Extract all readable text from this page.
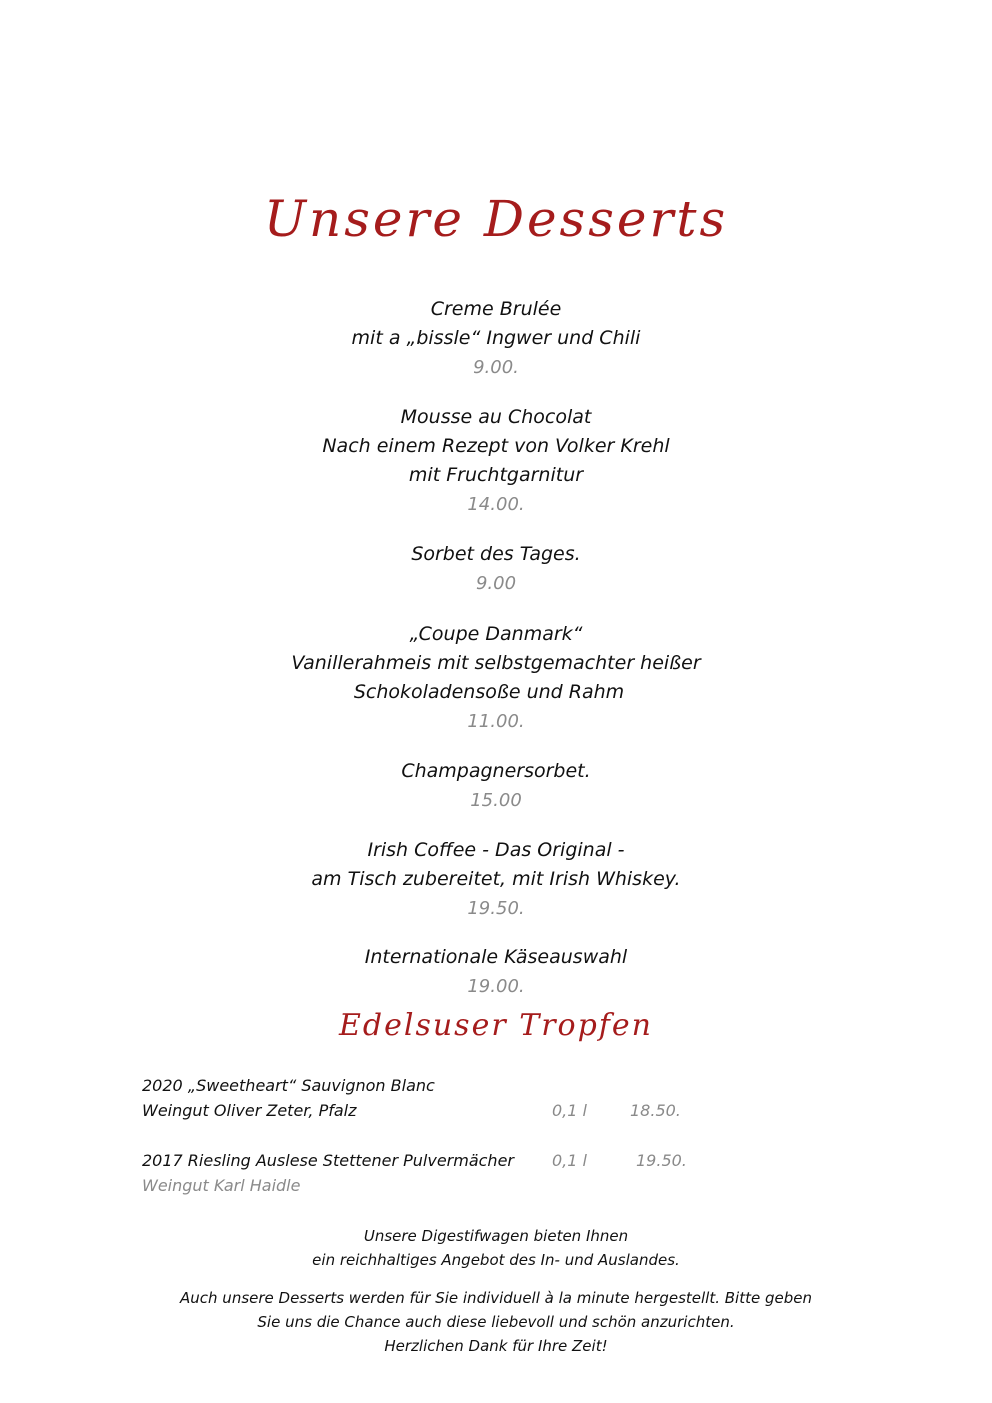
Unsere Desserts
Creme Brulée
mit a „bissle“ Ingwer und Chili
9.00.
Mousse au Chocolat
Nach einem Rezept von Volker Krehl
mit Fruchtgarnitur
14.00.
Sorbet des Tages.
9.00
„Coupe Danmark“
Vanillerahmeis mit selbstgemachter heißer
Schokoladensoße und Rahm
11.00.
Champagnersorbet.
15.00
Irish Coffee - Das Original -
am Tisch zubereitet, mit Irish Whiskey.
19.50.
Internationale Käseauswahl
19.00.
Edelsuser Tropfen
2020 „Sweetheart“ Sauvignon Blanc
Weingut Oliver Zeter, Pfalz	0,1 l	18.50.
2017 Riesling Auslese Stettener Pulvermächer 0,1 l	19.50.
Weingut Karl Haidle
Unsere Digestifwagen bieten Ihnen
ein reichhaltiges Angebot des In- und Auslandes.
Auch unsere Desserts werden für Sie individuell à la minute hergestellt. Bitte geben
Sie uns die Chance auch diese liebevoll und schön anzurichten.
Herzlichen Dank für Ihre Zeit!
